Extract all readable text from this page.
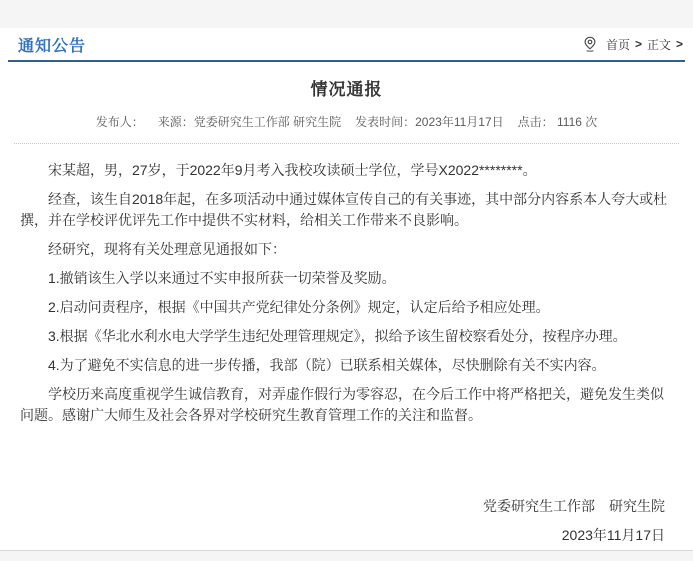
通知公告	首页 > 正文 >
情况通报
发布人： 来源：党委研究生工作部 研究生院 发表时间：2023年11月17日 点击： 1116 次

宋某超，男，27岁，于2022年9月考入我校攻读硕士学位，学号X2022********。

经查，该生自2018年起，在多项活动中通过媒体宣传自己的有关事迹，其中部分内容系本人夸大或杜撰，并在学校评优评先工作中提供不实材料，给相关工作带来不良影响。

经研究，现将有关处理意见通报如下：

1.撤销该生入学以来通过不实申报所获一切荣誉及奖励。

2.启动问责程序，根据《中国共产党纪律处分条例》规定，认定后给予相应处理。

3.根据《华北水利水电大学学生违纪处理管理规定》，拟给予该生留校察看处分，按程序办理。

4.为了避免不实信息的进一步传播，我部（院）已联系相关媒体，尽快删除有关不实内容。

学校历来高度重视学生诚信教育，对弄虚作假行为零容忍，在今后工作中将严格把关，避免发生类似问题。感谢广大师生及社会各界对学校研究生教育管理工作的关注和监督。

党委研究生工作部　研究生院
2023年11月17日
